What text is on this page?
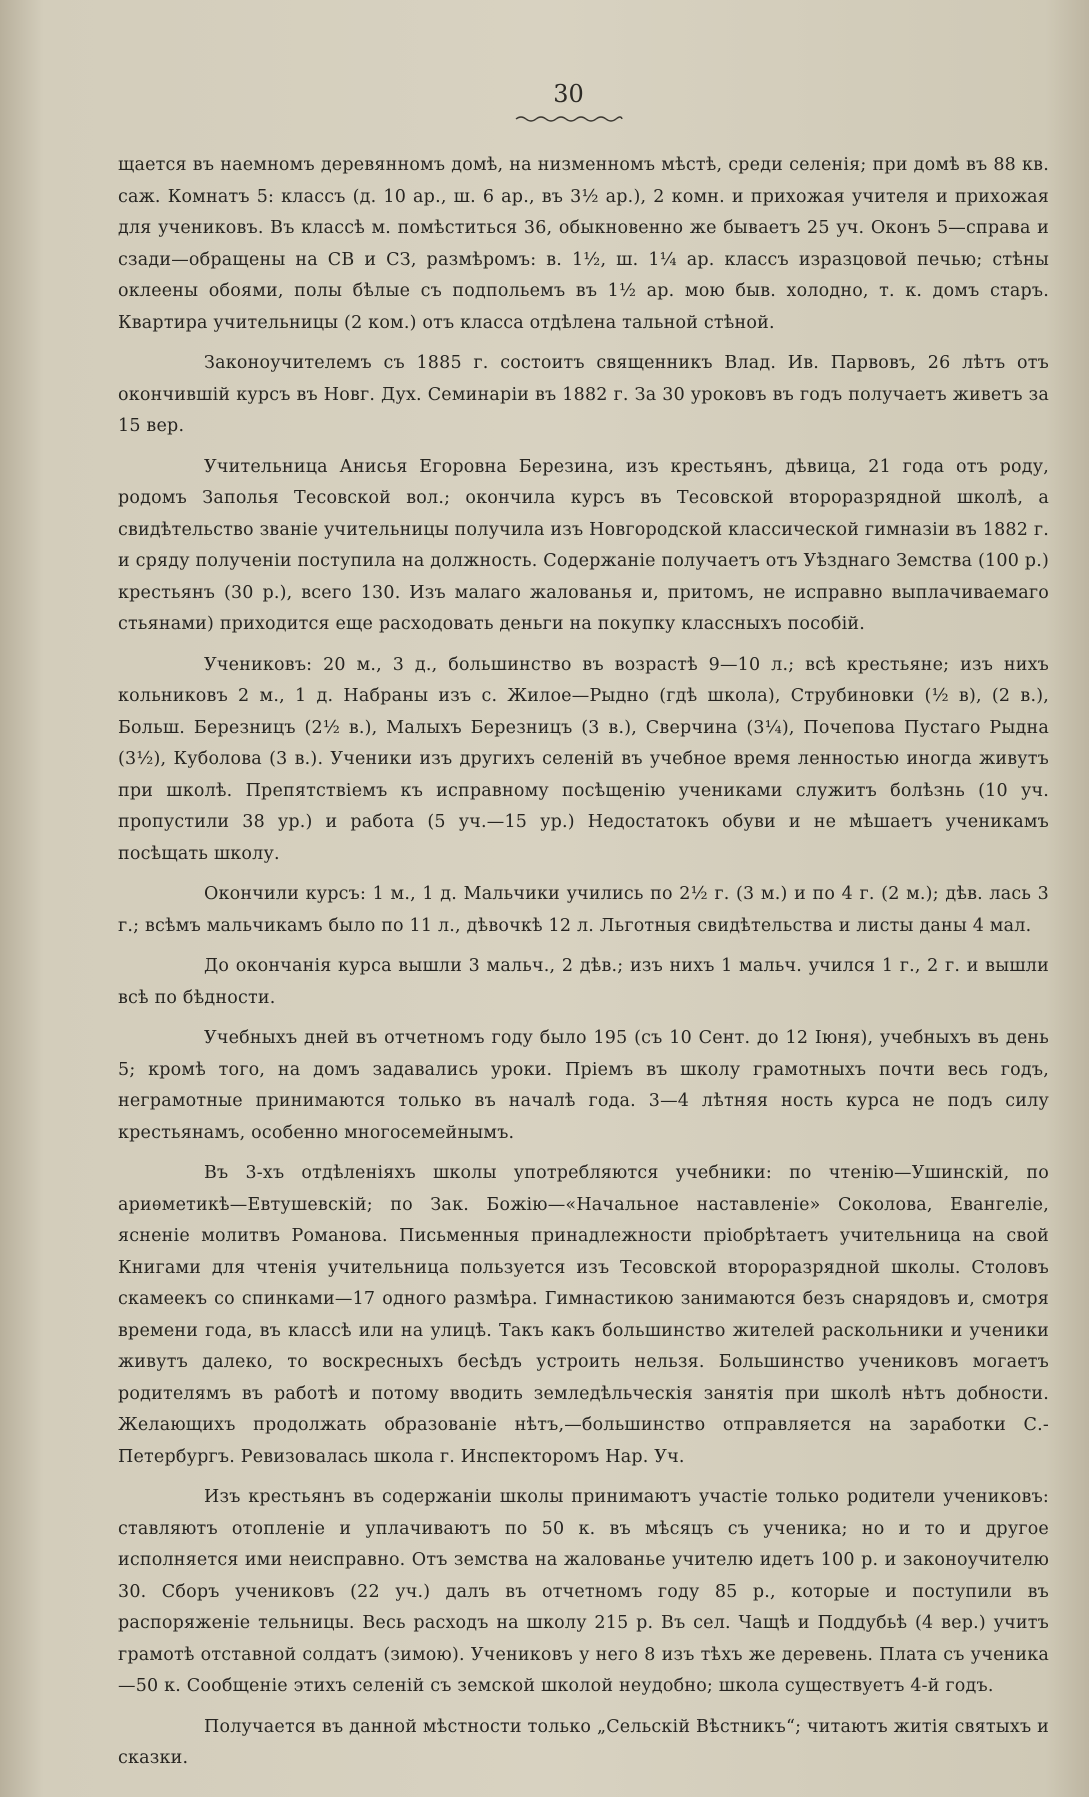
30

щается въ наемномъ деревянномъ домѣ, на низменномъ мѣстѣ, среди селенія; при домѣ въ 88 кв. саж. Комнатъ 5: классъ (д. 10 ар., ш. 6 ар., въ 3½ ар.), 2 комн. и прихожая учителя и прихожая для учениковъ. Въ классѣ м. помѣститься 36, обыкновенно же бываетъ 25 уч. Оконъ 5—справа и сзади—обращены на СВ и СЗ, размѣромъ: в. 1½, ш. 1¼ ар. классъ изразцовой печью; стѣны оклеены обоями, полы бѣлые съ подпольемъ въ 1½ ар. мою быв. холодно, т. к. домъ старъ. Квартира учительницы (2 ком.) отъ класса отдѣлена тальной стѣной.

Законоучителемъ съ 1885 г. состоитъ священникъ Влад. Ив. Парвовъ, 26 лѣтъ отъ окончившій курсъ въ Новг. Дух. Семинаріи въ 1882 г. За 30 уроковъ въ годъ получаетъ живетъ за 15 вер.

Учительница Анисья Егоровна Березина, изъ крестьянъ, дѣвица, 21 года отъ роду, родомъ Заполья Тесовской вол.; окончила курсъ въ Тесовской второразрядной школѣ, а свидѣтельство званіе учительницы получила изъ Новгородской классической гимназіи въ 1882 г. и сряду полученіи поступила на должность. Содержаніе получаетъ отъ Уѣзднаго Земства (100 р.) крестьянъ (30 р.), всего 130. Изъ малаго жалованья и, притомъ, не исправно выплачиваемаго стьянами) приходится еще расходовать деньги на покупку классныхъ пособій.

Учениковъ: 20 м., 3 д., большинство въ возрастѣ 9—10 л.; всѣ крестьяне; изъ нихъ кольниковъ 2 м., 1 д. Набраны изъ с. Жилое—Рыдно (гдѣ школа), Струбиновки (½ в), (2 в.), Больш. Березницъ (2½ в.), Малыхъ Березницъ (3 в.), Сверчина (3¼), Почепова Пустаго Рыдна (3½), Куболова (3 в.). Ученики изъ другихъ селеній въ учебное время ленностью иногда живутъ при школѣ. Препятствіемъ къ исправному посѣщенію учениками служитъ болѣзнь (10 уч. пропустили 38 ур.) и работа (5 уч.—15 ур.) Недостатокъ обуви и не мѣшаетъ ученикамъ посѣщать школу.

Окончили курсъ: 1 м., 1 д. Мальчики учились по 2½ г. (3 м.) и по 4 г. (2 м.); дѣв. лась 3 г.; всѣмъ мальчикамъ было по 11 л., дѣвочкѣ 12 л. Льготныя свидѣтельства и листы даны 4 мал.

До окончанія курса вышли 3 мальч., 2 дѣв.; изъ нихъ 1 мальч. учился 1 г., 2 г. и вышли всѣ по бѣдности.

Учебныхъ дней въ отчетномъ году было 195 (съ 10 Сент. до 12 Іюня), учебныхъ въ день 5; кромѣ того, на домъ задавались уроки. Пріемъ въ школу грамотныхъ почти весь годъ, неграмотные принимаются только въ началѣ года. 3—4 лѣтняя ность курса не подъ силу крестьянамъ, особенно многосемейнымъ.

Въ 3-хъ отдѣленіяхъ школы употребляются учебники: по чтенію—Ушинскій, по ариѳметикѣ—Евтушевскій; по Зак. Божію—«Начальное наставленіе» Соколова, Евангеліе, ясненіе молитвъ Романова. Письменныя принадлежности пріобрѣтаетъ учительница на свой Книгами для чтенія учительница пользуется изъ Тесовской второразрядной школы. Столовъ скамеекъ со спинками—17 одного размѣра. Гимнастикою занимаются безъ снарядовъ и, смотря времени года, въ классѣ или на улицѣ. Такъ какъ большинство жителей раскольники и ученики живутъ далеко, то воскресныхъ бесѣдъ устроить нельзя. Большинство учениковъ могаетъ родителямъ въ работѣ и потому вводить земледѣльческія занятія при школѣ нѣтъ добности. Желающихъ продолжать образованіе нѣтъ,—большинство отправляется на заработки С.-Петербургъ. Ревизовалась школа г. Инспекторомъ Нар. Уч.

Изъ крестьянъ въ содержаніи школы принимаютъ участіе только родители учениковъ: ставляютъ отопленіе и уплачиваютъ по 50 к. въ мѣсяцъ съ ученика; но и то и другое исполняется ими неисправно. Отъ земства на жалованье учителю идетъ 100 р. и законоучителю 30. Сборъ учениковъ (22 уч.) далъ въ отчетномъ году 85 р., которые и поступили въ распоряженіе тельницы. Весь расходъ на школу 215 р. Въ сел. Чащѣ и Поддубьѣ (4 вер.) учитъ грамотѣ отставной солдатъ (зимою). Учениковъ у него 8 изъ тѣхъ же деревень. Плата съ ученика—50 к. Сообщеніе этихъ селеній съ земской школой неудобно; школа существуетъ 4-й годъ.

Получается въ данной мѣстности только „Сельскій Вѣстникъ“; читаютъ житія святыхъ и сказки.
